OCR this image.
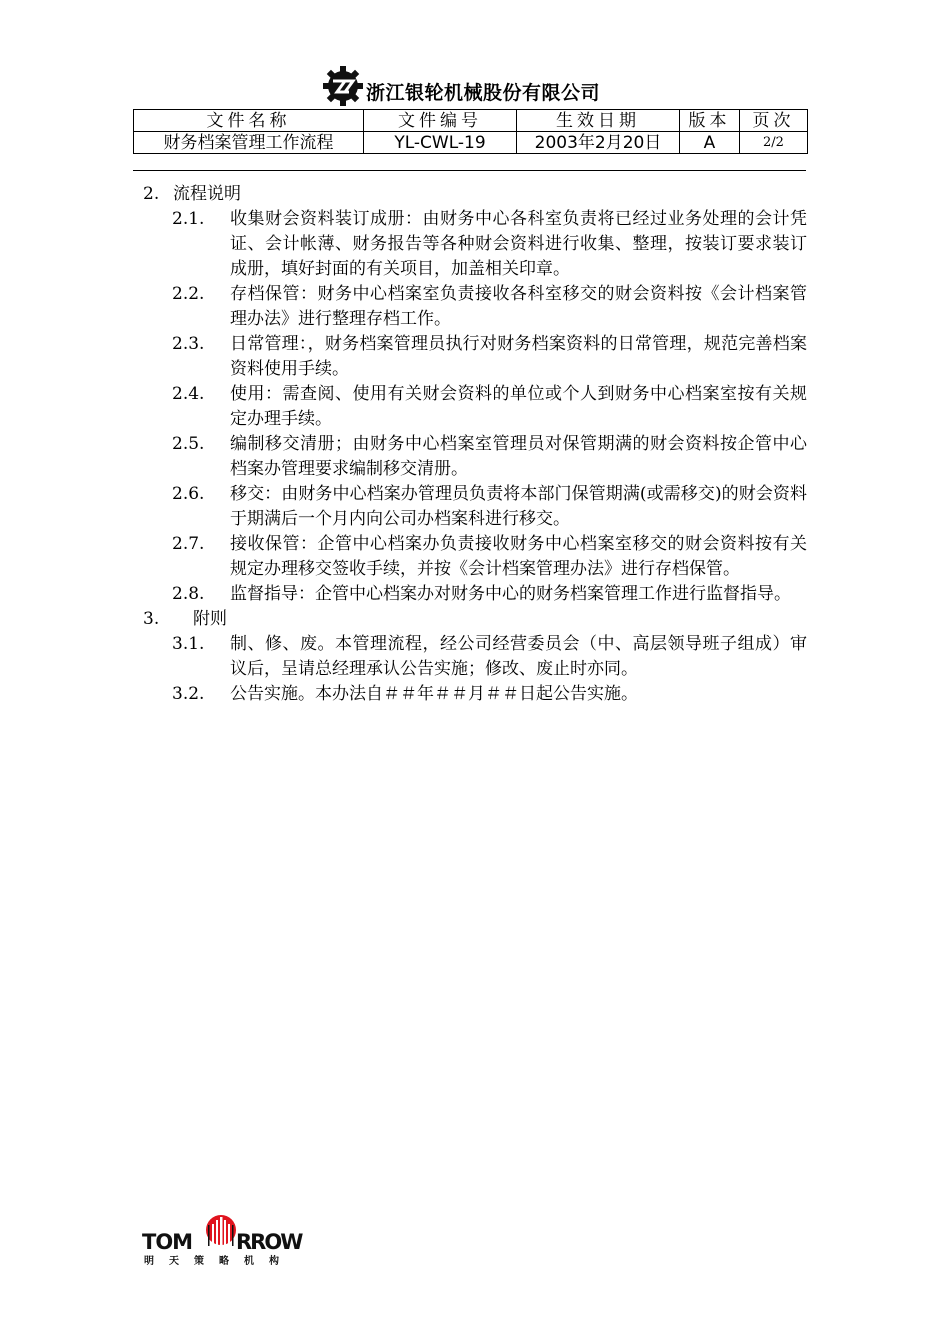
浙江银轮机械股份有限公司
文件名称	文件编号	生效日期	版本	页次
财务档案管理工作流程	YL-CWL-19	2003年2月20日	A	2/2
2. 流程说明
2.1.	收集财会资料装订成册：由财务中心各科室负责将已经过业务处理的会计凭证、会计帐薄、财务报告等各种财会资料进行收集、整理，按装订要求装订成册，填好封面的有关项目，加盖相关印章。
2.2.	存档保管：财务中心档案室负责接收各科室移交的财会资料按《会计档案管理办法》进行整理存档工作。
2.3.	日常管理：，财务档案管理员执行对财务档案资料的日常管理，规范完善档案资料使用手续。
2.4.	使用：需查阅、使用有关财会资料的单位或个人到财务中心档案室按有关规定办理手续。
2.5.	编制移交清册；由财务中心档案室管理员对保管期满的财会资料按企管中心档案办管理要求编制移交清册。
2.6.	移交：由财务中心档案办管理员负责将本部门保管期满(或需移交)的财会资料于期满后一个月内向公司办档案科进行移交。
2.7.	接收保管：企管中心档案办负责接收财务中心档案室移交的财会资料按有关规定办理移交签收手续，并按《会计档案管理办法》进行存档保管。
2.8.	监督指导：企管中心档案办对财务中心的财务档案管理工作进行监督指导。
3. 附则
3.1.	制、修、废。本管理流程，经公司经营委员会（中、高层领导班子组成）审议后，呈请总经理承认公告实施；修改、废止时亦同。
3.2.	公告实施。本办法自＃＃年＃＃月＃＃日起公告实施。
TOM RROW
明天策略机构
